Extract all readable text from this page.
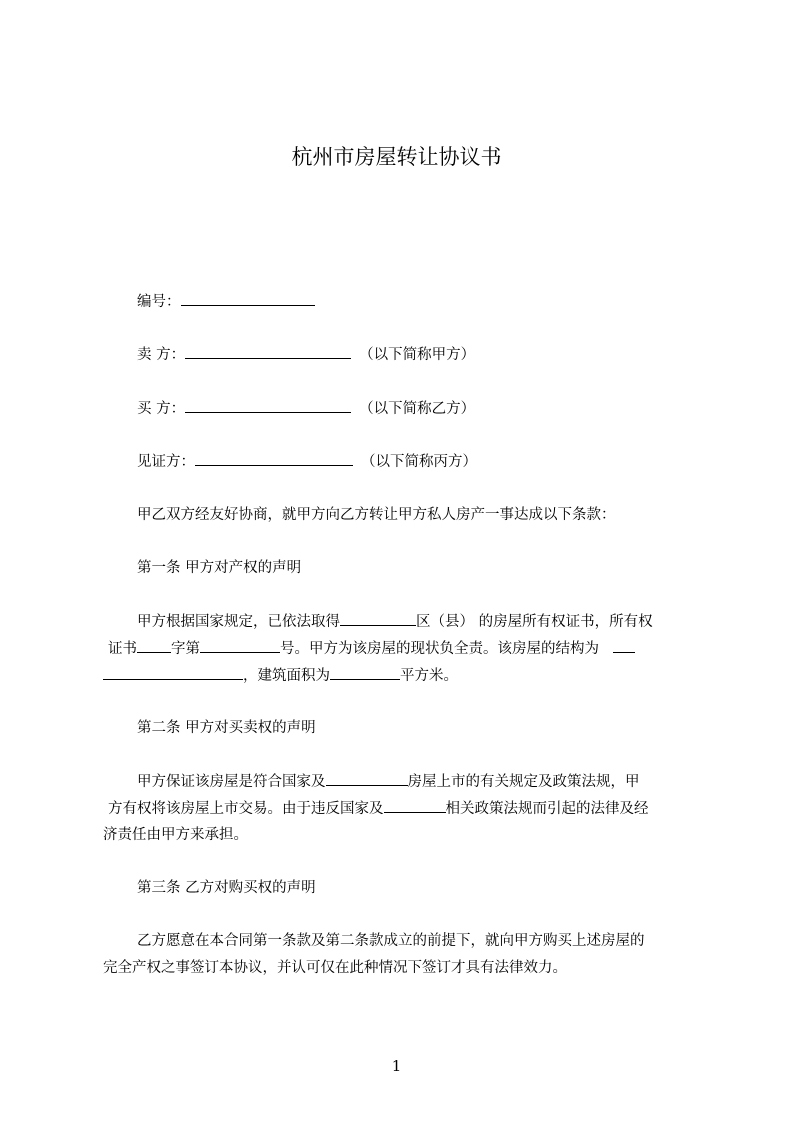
杭州市房屋转让协议书
编号：
卖 方：	（以下简称甲方）
买 方：	（以下简称乙方）
见证方：	（以下简称丙方）
甲乙双方经友好协商，就甲方向乙方转让甲方私人房产一事达成以下条款：
第一条 甲方对产权的声明
甲方根据国家规定，已依法取得	区（县） 的房屋所有权证书，所有权
证书 字第	号。甲方为该房屋的现状负全责。该房屋的结构为
，建筑面积为	平方米。
第二条 甲方对买卖权的声明
甲方保证该房屋是符合国家及	房屋上市的有关规定及政策法规，甲
方有权将该房屋上市交易。由于违反国家及	相关政策法规而引起的法律及经
济责任由甲方来承担。
第三条 乙方对购买权的声明
乙方愿意在本合同第一条款及第二条款成立的前提下，就向甲方购买上述房屋的
完全产权之事签订本协议，并认可仅在此种情况下签订才具有法律效力。
1
